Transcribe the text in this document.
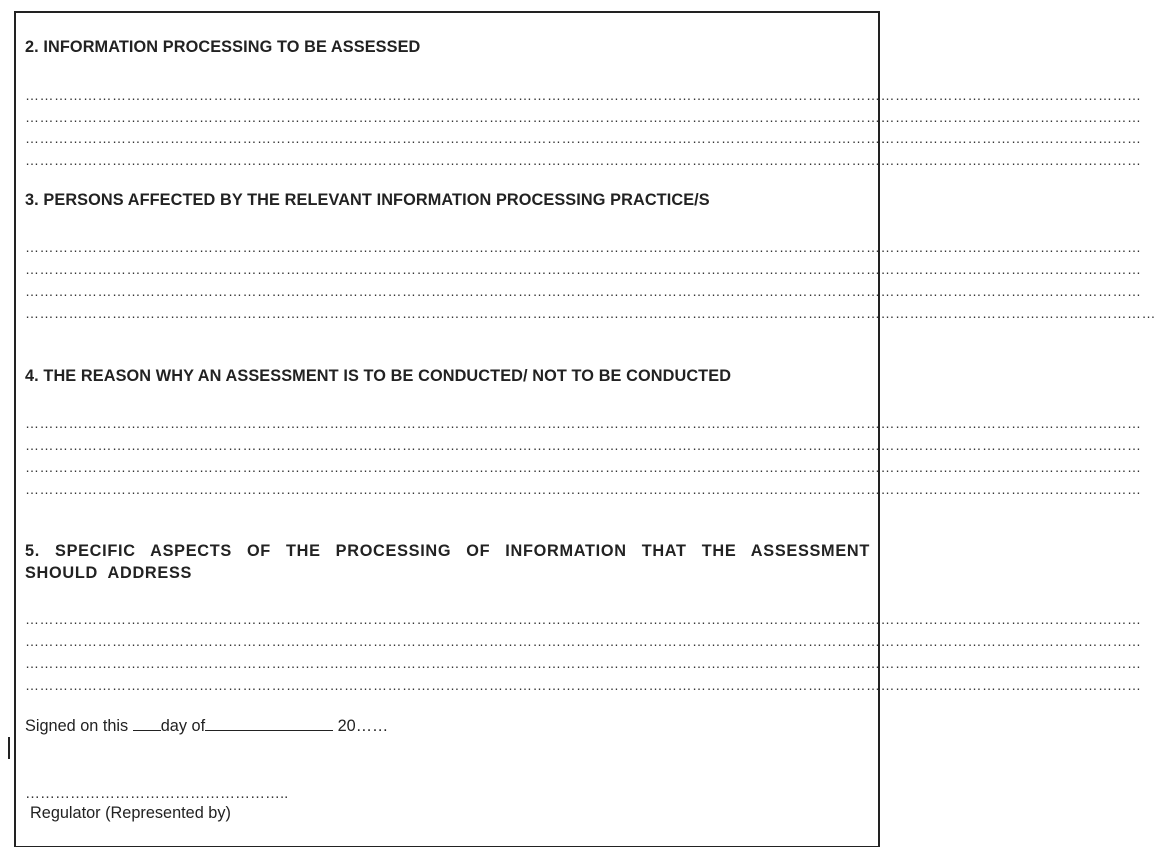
2. INFORMATION PROCESSING TO BE ASSESSED
……………………………………………………………………………………………………………………………………………………………………………………………………………
……………………………………………………………………………………………………………………………………………………………………………………………………………
……………………………………………………………………………………………………………………………………………………………………………………………………………
……………………………………………………………………………………………………………………………………………………………………………………………………………
3. PERSONS AFFECTED BY THE RELEVANT INFORMATION PROCESSING PRACTICE/S
……………………………………………………………………………………………………………………………………………………………………………………………………………
……………………………………………………………………………………………………………………………………………………………………………………………………………
……………………………………………………………………………………………………………………………………………………………………………………………………………
………………………………………………………………………………………………………………………………………………………………………………………………………………
4. THE REASON WHY AN ASSESSMENT IS TO BE CONDUCTED/ NOT TO BE CONDUCTED
……………………………………………………………………………………………………………………………………………………………………………………………………………
……………………………………………………………………………………………………………………………………………………………………………………………………………
……………………………………………………………………………………………………………………………………………………………………………………………………………
……………………………………………………………………………………………………………………………………………………………………………………………………………
5. SPECIFIC ASPECTS OF THE PROCESSING OF INFORMATION THAT THE ASSESSMENT SHOULD ADDRESS
……………………………………………………………………………………………………………………………………………………………………………………………………………
……………………………………………………………………………………………………………………………………………………………………………………………………………
……………………………………………………………………………………………………………………………………………………………………………………………………………
……………………………………………………………………………………………………………………………………………………………………………………………………………
Signed on this day of	20……
……………………………………………..
Regulator (Represented by)
